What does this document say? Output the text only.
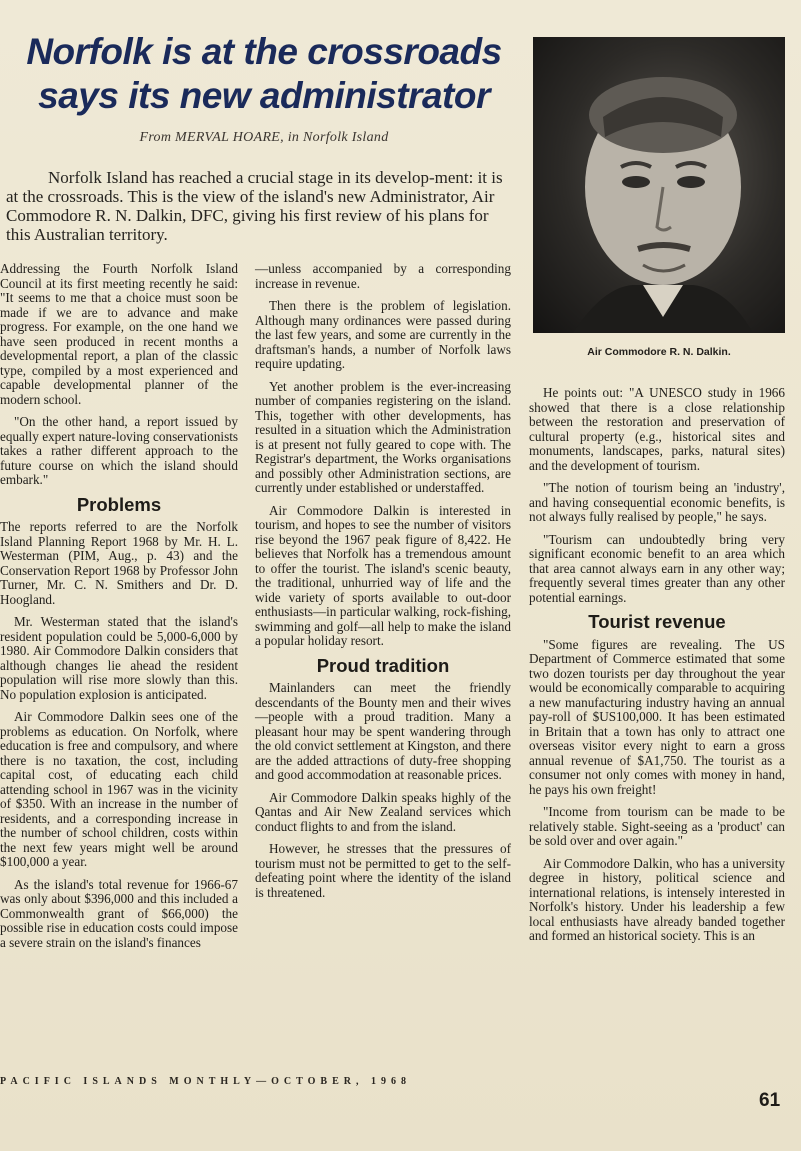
Norfolk is at the crossroads
says its new administrator
From MERVAL HOARE, in Norfolk Island
Norfolk Island has reached a crucial stage in its develop-ment: it is at the crossroads. This is the view of the island's new Administrator, Air Commodore R. N. Dalkin, DFC, giving his first review of his plans for this Australian territory.
Air Commodore R. N. Dalkin.

Addressing the Fourth Norfolk Island Council at its first meeting recently he said: "It seems to me that a choice must soon be made if we are to advance and make progress. For example, on the one hand we have seen produced in recent months a developmental report, a plan of the classic type, compiled by a most experienced and capable developmental planner of the modern school.

"On the other hand, a report issued by equally expert nature-loving conservationists takes a rather different approach to the future course on which the island should embark."

Problems

The reports referred to are the Norfolk Island Planning Report 1968 by Mr. H. L. Westerman (PIM, Aug., p. 43) and the Conservation Report 1968 by Professor John Turner, Mr. C. N. Smithers and Dr. D. Hoogland.

Mr. Westerman stated that the island's resident population could be 5,000-6,000 by 1980. Air Commodore Dalkin considers that although changes lie ahead the resident population will rise more slowly than this. No population explosion is anticipated.

Air Commodore Dalkin sees one of the problems as education. On Norfolk, where education is free and compulsory, and where there is no taxation, the cost, including capital cost, of educating each child attending school in 1967 was in the vicinity of $350. With an increase in the number of residents, and a corresponding increase in the number of school children, costs within the next few years might well be around $100,000 a year.

As the island's total revenue for 1966-67 was only about $396,000 and this included a Commonwealth grant of $66,000) the possible rise in education costs could impose a severe strain on the island's finances

—unless accompanied by a corresponding increase in revenue.

Then there is the problem of legislation. Although many ordinances were passed during the last few years, and some are currently in the draftsman's hands, a number of Norfolk laws require updating.

Yet another problem is the ever-increasing number of companies registering on the island. This, together with other developments, has resulted in a situation which the Administration is at present not fully geared to cope with. The Registrar's department, the Works organisations and possibly other Administration sections, are currently under established or understaffed.

Air Commodore Dalkin is interested in tourism, and hopes to see the number of visitors rise beyond the 1967 peak figure of 8,422. He believes that Norfolk has a tremendous amount to offer the tourist. The island's scenic beauty, the traditional, unhurried way of life and the wide variety of sports available to out-door enthusiasts—in particular walking, rock-fishing, swimming and golf—all help to make the island a popular holiday resort.

Proud tradition

Mainlanders can meet the friendly descendants of the Bounty men and their wives—people with a proud tradition. Many a pleasant hour may be spent wandering through the old convict settlement at Kingston, and there are the added attractions of duty-free shopping and good accommodation at reasonable prices.

Air Commodore Dalkin speaks highly of the Qantas and Air New Zealand services which conduct flights to and from the island.

However, he stresses that the pressures of tourism must not be permitted to get to the self-defeating point where the identity of the island is threatened.

He points out: "A UNESCO study in 1966 showed that there is a close relationship between the restoration and preservation of cultural property (e.g., historical sites and monuments, landscapes, parks, natural sites) and the development of tourism.

"The notion of tourism being an 'industry', and having consequential economic benefits, is not always fully realised by people," he says.

"Tourism can undoubtedly bring very significant economic benefit to an area which that area cannot always earn in any other way; frequently several times greater than any other potential earnings.

Tourist revenue

"Some figures are revealing. The US Department of Commerce estimated that some two dozen tourists per day throughout the year would be economically comparable to acquiring a new manufacturing industry having an annual pay-roll of $US100,000. It has been estimated in Britain that a town has only to attract one overseas visitor every night to earn a gross annual revenue of $A1,750. The tourist as a consumer not only comes with money in hand, he pays his own freight!

"Income from tourism can be made to be relatively stable. Sight-seeing as a 'product' can be sold over and over again."

Air Commodore Dalkin, who has a university degree in history, political science and international relations, is intensely interested in Norfolk's history. Under his leadership a few local enthusiasts have already banded together and formed an historical society. This is an

PACIFIC ISLANDS MONTHLY—OCTOBER, 1968
61
